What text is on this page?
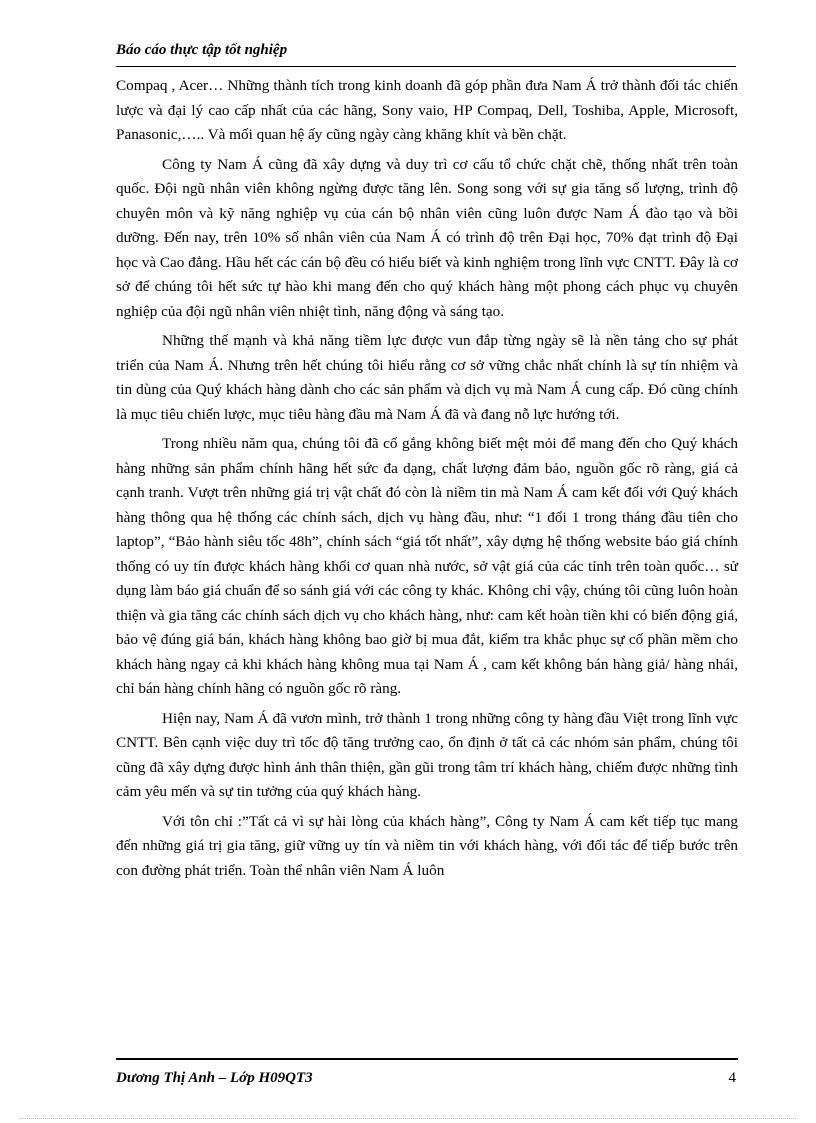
Báo cáo thực tập tốt nghiệp

Compaq , Acer… Những thành tích trong kinh doanh đã góp phần đưa Nam Á trở thành đối tác chiến lược và đại lý cao cấp nhất của các hãng, Sony vaio, HP Compaq, Dell, Toshiba, Apple, Microsoft, Panasonic,….. Và mối quan hệ ấy cũng ngày càng khăng khít và bền chặt.

Công ty Nam Á cũng đã xây dựng và duy trì cơ cấu tổ chức chặt chẽ, thống nhất trên toàn quốc. Đội ngũ nhân viên không ngừng được tăng lên. Song song với sự gia tăng số lượng, trình độ chuyên môn và kỹ năng nghiệp vụ của cán bộ nhân viên cũng luôn được Nam Á đào tạo và bồi dưỡng. Đến nay, trên 10% số nhân viên của Nam Á có trình độ trên Đại học, 70% đạt trình độ Đại học và Cao đẳng. Hầu hết các cán bộ đều có hiểu biết và kinh nghiệm trong lĩnh vực CNTT. Đây là cơ sở để chúng tôi hết sức tự hào khi mang đến cho quý khách hàng một phong cách phục vụ chuyên nghiệp của đội ngũ nhân viên nhiệt tình, năng động và sáng tạo.

Những thế mạnh và khả năng tiềm lực được vun đắp từng ngày sẽ là nền tảng cho sự phát triển của Nam Á. Nhưng trên hết chúng tôi hiểu rằng cơ sở vững chắc nhất chính là sự tín nhiệm và tin dùng của Quý khách hàng dành cho các sản phẩm và dịch vụ mà Nam Á cung cấp. Đó cũng chính là mục tiêu chiến lược, mục tiêu hàng đầu mà Nam Á đã và đang nỗ lực hướng tới.

Trong nhiều năm qua, chúng tôi đã cố gắng không biết mệt mỏi để mang đến cho Quý khách hàng những sản phẩm chính hãng hết sức đa dạng, chất lượng đảm bảo, nguồn gốc rõ ràng, giá cả cạnh tranh. Vượt trên những giá trị vật chất đó còn là niềm tin mà Nam Á cam kết đối với Quý khách hàng thông qua hệ thống các chính sách, dịch vụ hàng đầu, như: “1 đổi 1 trong tháng đầu tiên cho laptop”, “Bảo hành siêu tốc 48h”, chính sách “giá tốt nhất”, xây dựng hệ thống website báo giá chính thống có uy tín được khách hàng khối cơ quan nhà nước, sở vật giá của các tỉnh trên toàn quốc… sử dụng làm báo giá chuẩn để so sánh giá với các công ty khác. Không chỉ vậy, chúng tôi cũng luôn hoàn thiện và gia tăng các chính sách dịch vụ cho khách hàng, như: cam kết hoàn tiền khi có biến động giá, bảo vệ đúng giá bán, khách hàng không bao giờ bị mua đắt, kiểm tra khắc phục sự cố phần mềm cho khách hàng ngay cả khi khách hàng không mua tại Nam Á , cam kết không bán hàng giả/ hàng nhái, chỉ bán hàng chính hãng có nguồn gốc rõ ràng.

Hiện nay, Nam Á đã vươn mình, trở thành 1 trong những công ty hàng đầu Việt trong lĩnh vực CNTT. Bên cạnh việc duy trì tốc độ tăng trưởng cao, ổn định ở tất cả các nhóm sản phẩm, chúng tôi cũng đã xây dựng được hình ảnh thân thiện, gần gũi trong tâm trí khách hàng, chiếm được những tình cảm yêu mến và sự tin tưởng của quý khách hàng.

Với tôn chỉ :”Tất cả vì sự hài lòng của khách hàng”, Công ty Nam Á cam kết tiếp tục mang đến những giá trị gia tăng, giữ vững uy tín và niềm tin với khách hàng, với đối tác để tiếp bước trên con đường phát triển. Toàn thể nhân viên Nam Á luôn

Dương Thị Anh – Lớp H09QT3	4
